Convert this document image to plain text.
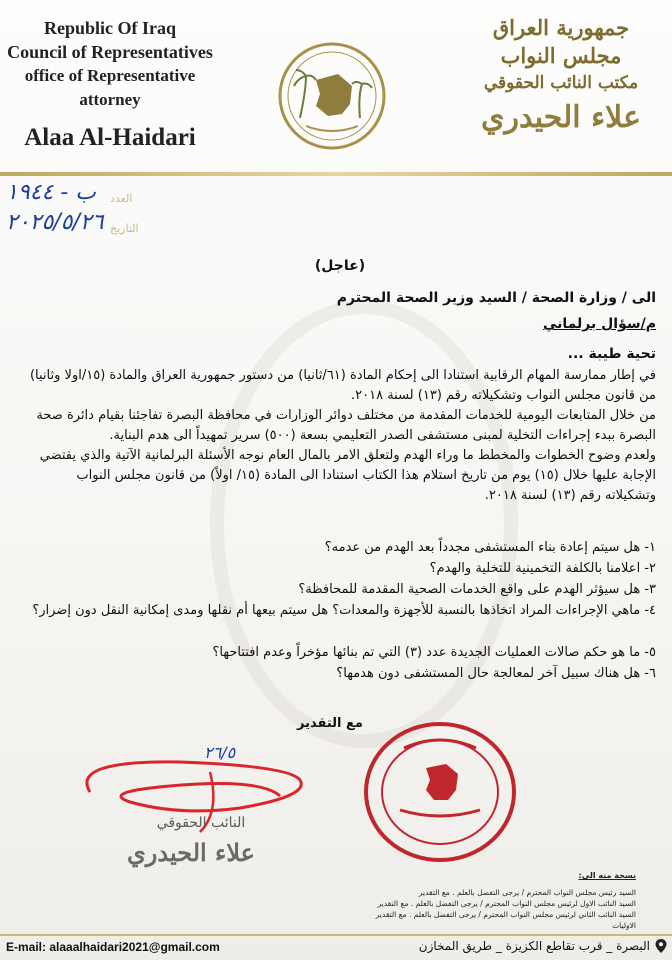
Republic Of Iraq
Council of Representatives
office of Representative attorney
Alaa Al-Haidari
جمهورية العراق
مجلس النواب
مكتب النائب الحقوقي
علاء الحيدري
العدد
التاريخ
ب - ١٩٤٤
٢٠٢٥/٥/٢٦
(عاجل)
الى / وزارة الصحة / السيد وزير الصحة المحترم
م/سؤال برلماني
تحية طيبة ...
في إطار ممارسة المهام الرقابية استنادا الى إحكام المادة (٦١/ثانيا) من دستور جمهورية العراق والمادة (١٥/اولا وثانيا) من قانون مجلس النواب وتشكيلاته رقم (١٣) لسنة ٢٠١٨.
من خلال المتابعات اليومية للخدمات المقدمة من مختلف دوائر الوزارات في محافظة البصرة تفاجئنا بقيام دائرة صحة البصرة ببدء إجراءات التخلية لمبنى مستشفى الصدر التعليمي بسعة (٥٠٠) سرير تمهيداً الى هدم البناية.
ولعدم وضوح الخطوات والمخطط ما وراء الهدم ولتعلق الامر بالمال العام نوجه الأسئلة البرلمانية الآتية والذي يقتضي الإجابة عليها خلال (١٥) يوم من تاريخ استلام هذا الكتاب استنادا الى المادة (١٥/ اولاً) من قانون مجلس النواب وتشكيلاته رقم (١٣) لسنة ٢٠١٨.
١- هل سيتم إعادة بناء المستشفى مجدداً بعد الهدم من عدمه؟
٢- اعلامنا بالكلفة التخمينية للتخلية والهدم؟
٣- هل سيؤثر الهدم على واقع الخدمات الصحية المقدمة للمحافظة؟
٤- ماهي الإجراءات المراد اتخاذها بالنسبة للأجهزة والمعدات؟ هل سيتم بيعها أم نقلها ومدى إمكانية النقل دون إضرار؟
٥- ما هو حكم صالات العمليات الجديدة عدد (٣) التي تم بنائها مؤخراً وعدم افتتاحها؟
٦- هل هناك سبيل آخر لمعالجة حال المستشفى دون هدمها؟
مع التقدير
٢٦/٥
النائب الحقوقي
علاء الحيدري
نسخة منه الى:
السيد رئيس مجلس النواب المحترم / يرجى التفضل بالعلم . مع التقدير
السيد النائب الاول لرئيس مجلس النواب المحترم / يرجى التفضل بالعلم . مع التقدير
السيد النائب الثاني لرئيس مجلس النواب المحترم / يرجى التفضل بالعلم . مع التقدير
الاوليات
E-mail: alaaalhaidari2021@gmail.com	البصرة _ قرب تقاطع الكزيزة _ طريق المخازن
